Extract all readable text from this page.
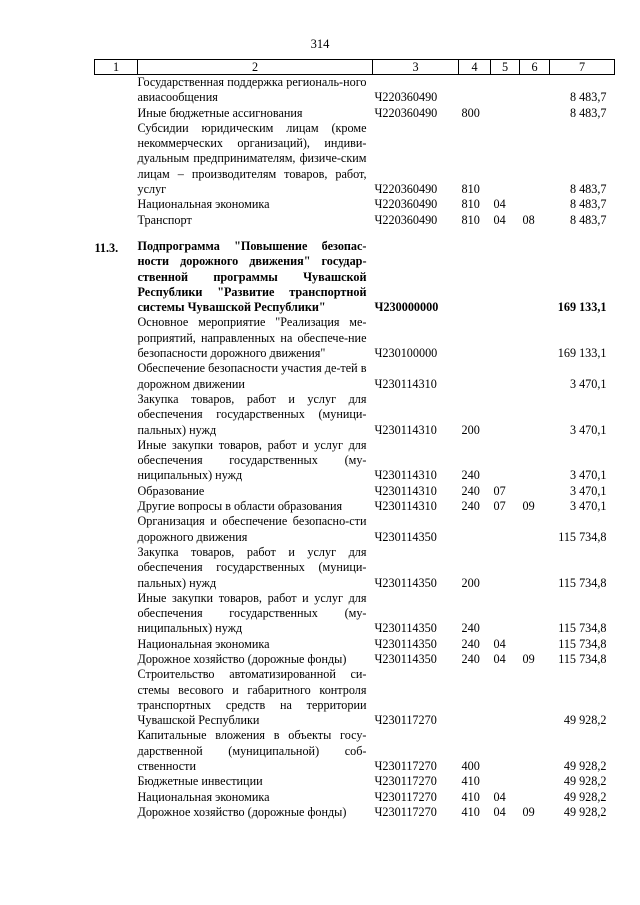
314
1	2	3	4	5	6	7
	Государственная поддержка региональ-ного авиасообщения	Ч220360490				8 483,7
	Иные бюджетные ассигнования	Ч220360490	800			8 483,7
	Субсидии юридическим лицам (кроме некоммерческих организаций), индиви-дуальным предпринимателям, физиче-ским лицам – производителям товаров, работ, услуг	Ч220360490	810			8 483,7
	Национальная экономика	Ч220360490	810	04		8 483,7
	Транспорт	Ч220360490	810	04	08	8 483,7

11.3.	Подпрограмма "Повышение безопас-ности дорожного движения" государ-ственной программы Чувашской Республики "Развитие транспортной системы Чувашской Республики"	Ч230000000				169 133,1
	Основное мероприятие "Реализация ме-роприятий, направленных на обеспече-ние безопасности дорожного движения"	Ч230100000				169 133,1
	Обеспечение безопасности участия де-тей в дорожном движении	Ч230114310				3 470,1
	Закупка товаров, работ и услуг для обеспечения государственных (муници-пальных) нужд	Ч230114310	200			3 470,1
	Иные закупки товаров, работ и услуг для обеспечения государственных (му-ниципальных) нужд	Ч230114310	240			3 470,1
	Образование	Ч230114310	240	07		3 470,1
	Другие вопросы в области образования	Ч230114310	240	07	09	3 470,1
	Организация и обеспечение безопасно-сти дорожного движения	Ч230114350				115 734,8
	Закупка товаров, работ и услуг для обеспечения государственных (муници-пальных) нужд	Ч230114350	200			115 734,8
	Иные закупки товаров, работ и услуг для обеспечения государственных (му-ниципальных) нужд	Ч230114350	240			115 734,8
	Национальная экономика	Ч230114350	240	04		115 734,8
	Дорожное хозяйство (дорожные фонды)	Ч230114350	240	04	09	115 734,8
	Строительство автоматизированной си-стемы весового и габаритного контроля транспортных средств на территории Чувашской Республики	Ч230117270				49 928,2
	Капитальные вложения в объекты госу-дарственной (муниципальной) соб-ственности	Ч230117270	400			49 928,2
	Бюджетные инвестиции	Ч230117270	410			49 928,2
	Национальная экономика	Ч230117270	410	04		49 928,2
	Дорожное хозяйство (дорожные фонды)	Ч230117270	410	04	09	49 928,2
